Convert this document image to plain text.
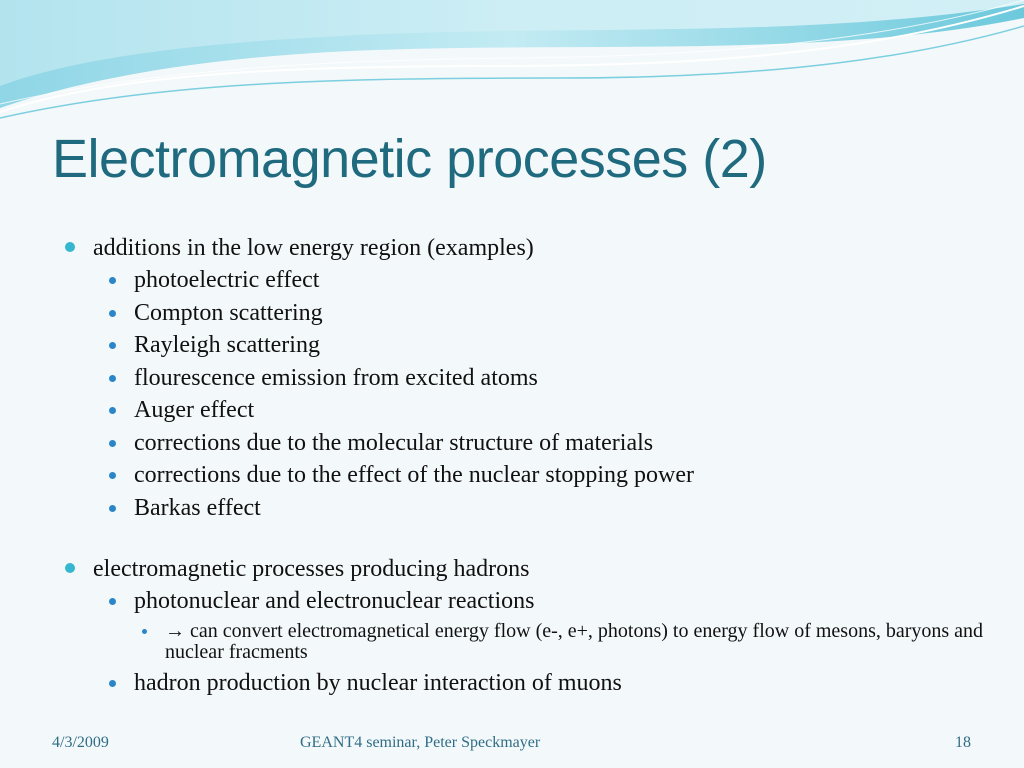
Electromagnetic processes (2)
additions in the low energy region (examples)
photoelectric effect
Compton scattering
Rayleigh scattering
flourescence emission from excited atoms
Auger effect
corrections due to the molecular structure of materials
corrections due to the effect of the nuclear stopping power
Barkas effect
electromagnetic processes producing hadrons
photonuclear and electronuclear reactions
→ can convert electromagnetical energy flow (e-, e+, photons) to energy flow of mesons, baryons and nuclear fracments
hadron production by nuclear interaction of muons
4/3/2009	GEANT4 seminar, Peter Speckmayer	18
